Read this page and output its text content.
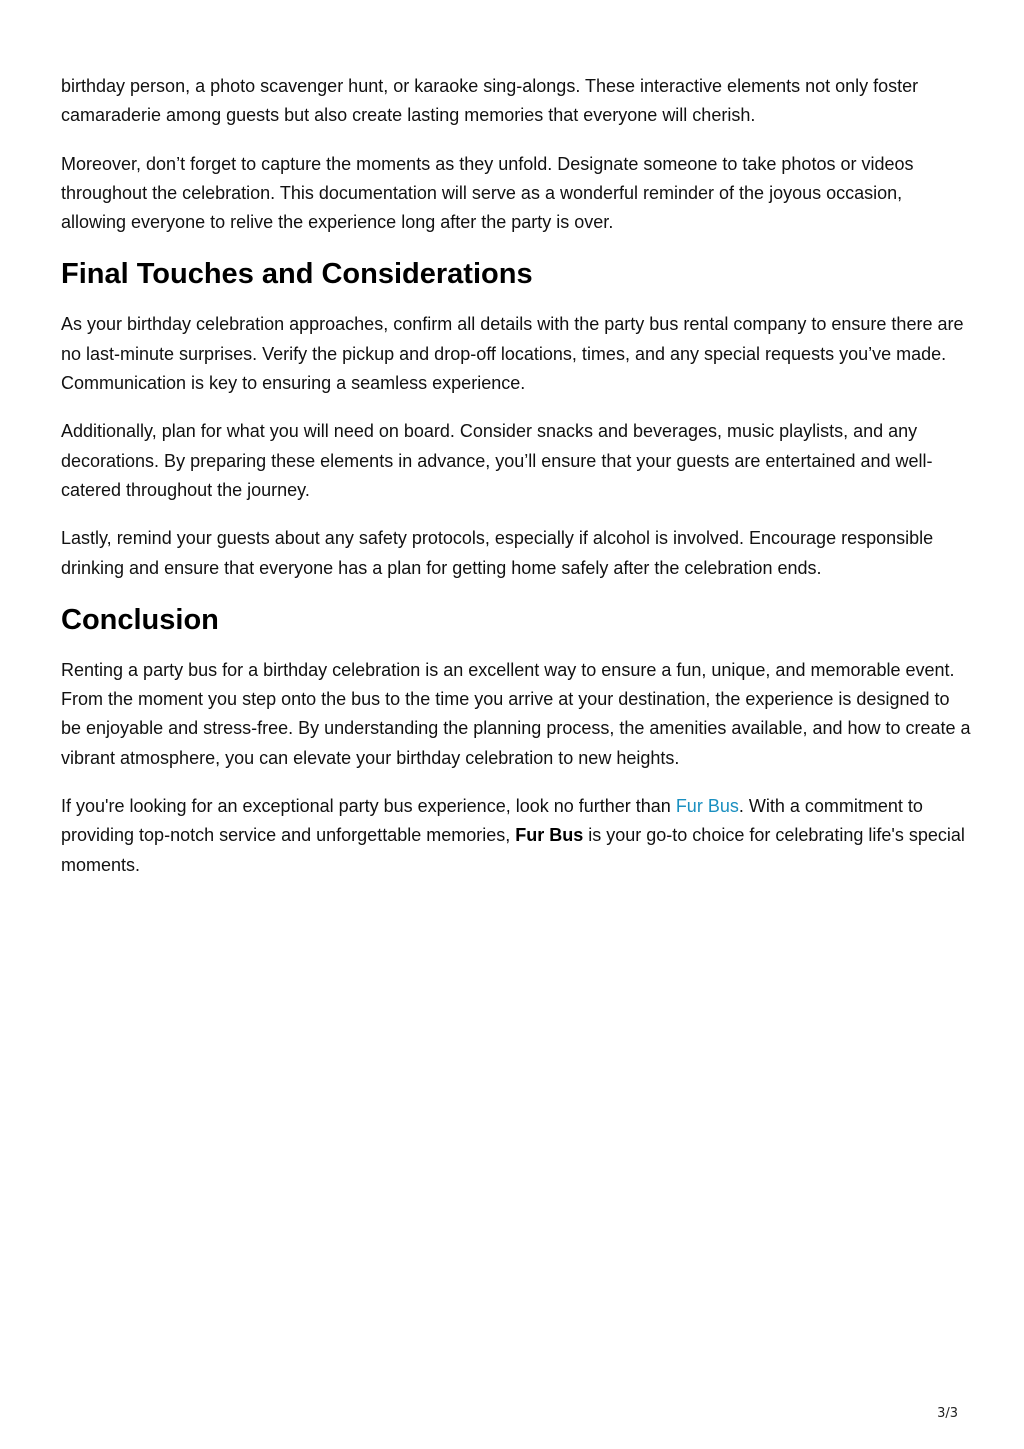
birthday person, a photo scavenger hunt, or karaoke sing-alongs. These interactive elements not only foster camaraderie among guests but also create lasting memories that everyone will cherish.

Moreover, don’t forget to capture the moments as they unfold. Designate someone to take photos or videos throughout the celebration. This documentation will serve as a wonderful reminder of the joyous occasion, allowing everyone to relive the experience long after the party is over.

Final Touches and Considerations

As your birthday celebration approaches, confirm all details with the party bus rental company to ensure there are no last-minute surprises. Verify the pickup and drop-off locations, times, and any special requests you’ve made. Communication is key to ensuring a seamless experience.

Additionally, plan for what you will need on board. Consider snacks and beverages, music playlists, and any decorations. By preparing these elements in advance, you’ll ensure that your guests are entertained and well-catered throughout the journey.

Lastly, remind your guests about any safety protocols, especially if alcohol is involved. Encourage responsible drinking and ensure that everyone has a plan for getting home safely after the celebration ends.

Conclusion

Renting a party bus for a birthday celebration is an excellent way to ensure a fun, unique, and memorable event. From the moment you step onto the bus to the time you arrive at your destination, the experience is designed to be enjoyable and stress-free. By understanding the planning process, the amenities available, and how to create a vibrant atmosphere, you can elevate your birthday celebration to new heights.

If you're looking for an exceptional party bus experience, look no further than Fur Bus. With a commitment to providing top-notch service and unforgettable memories, Fur Bus is your go-to choice for celebrating life's special moments.

3/3
